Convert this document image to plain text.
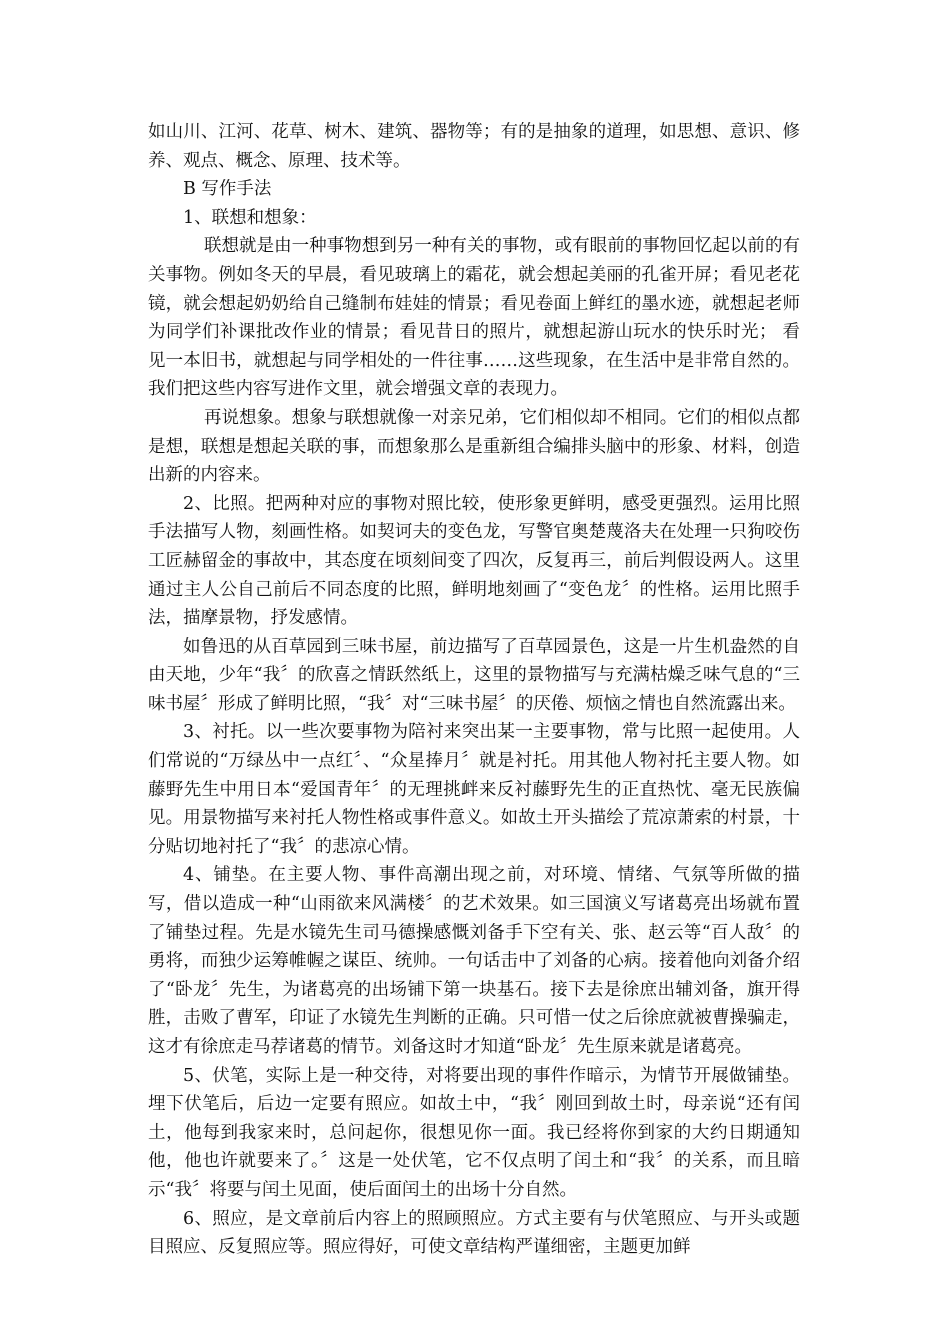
如山川、江河、花草、树木、建筑、器物等；有的是抽象的道理，如思想、意识、修养、观点、概念、原理、技术等。

B 写作手法

1、联想和想象：

联想就是由一种事物想到另一种有关的事物，或有眼前的事物回忆起以前的有关事物。例如冬天的早晨，看见玻璃上的霜花，就会想起美丽的孔雀开屏；看见老花 镜，就会想起奶奶给自己缝制布娃娃的情景；看见卷面上鲜红的墨水迹，就想起老师为同学们补课批改作业的情景；看见昔日的照片，就想起游山玩水的快乐时光； 看见一本旧书，就想起与同学相处的一件往事……这些现象，在生活中是非常自然的。我们把这些内容写进作文里，就会增强文章的表现力。

再说想象。想象与联想就像一对亲兄弟，它们相似却不相同。它们的相似点都是想，联想是想起关联的事，而想象那么是重新组合编排头脑中的形象、材料，创造出新的内容来。

2、比照。把两种对应的事物对照比较，使形象更鲜明，感受更强烈。运用比照手法描写人物，刻画性格。如契诃夫的变色龙，写警官奥楚蔑洛夫在处理一只狗咬伤工匠赫留金的事故中，其态度在顷刻间变了四次，反复再三，前后判假设两人。这里通过主人公自己前后不同态度的比照，鲜明地刻画了“变色龙〞的性格。运用比照手法，描摩景物，抒发感情。

如鲁迅的从百草园到三味书屋，前边描写了百草园景色，这是一片生机盎然的自由天地，少年“我〞的欣喜之情跃然纸上，这里的景物描写与充满枯燥乏味气息的“三味书屋〞形成了鲜明比照，“我〞对“三味书屋〞的厌倦、烦恼之情也自然流露出来。

3、衬托。以一些次要事物为陪衬来突出某一主要事物，常与比照一起使用。人们常说的“万绿丛中一点红〞、“众星捧月〞就是衬托。用其他人物衬托主要人物。如藤野先生中用日本“爱国青年〞的无理挑衅来反衬藤野先生的正直热忱、毫无民族偏见。用景物描写来衬托人物性格或事件意义。如故土开头描绘了荒凉萧索的村景，十分贴切地衬托了“我〞的悲凉心情。

4、铺垫。在主要人物、事件高潮出现之前，对环境、情绪、气氛等所做的描写，借以造成一种“山雨欲来风满楼〞的艺术效果。如三国演义写诸葛亮出场就布置了铺垫过程。先是水镜先生司马德操感慨刘备手下空有关、张、赵云等“百人敌〞的勇将，而独少运筹帷幄之谋臣、统帅。一句话击中了刘备的心病。接着他向刘备介绍了“卧龙〞先生，为诸葛亮的出场铺下第一块基石。接下去是徐庶出辅刘备，旗开得胜，击败了曹军，印证了水镜先生判断的正确。只可惜一仗之后徐庶就被曹操骗走，这才有徐庶走马荐诸葛的情节。刘备这时才知道“卧龙〞先生原来就是诸葛亮。

5、伏笔，实际上是一种交待，对将要出现的事件作暗示，为情节开展做铺垫。埋下伏笔后，后边一定要有照应。如故土中，“我〞刚回到故土时，母亲说“还有闰土，他每到我家来时，总问起你，很想见你一面。我已经将你到家的大约日期通知他，他也许就要来了。〞这是一处伏笔，它不仅点明了闰土和“我〞的关系，而且暗示“我〞将要与闰土见面，使后面闰土的出场十分自然。

6、照应，是文章前后内容上的照顾照应。方式主要有与伏笔照应、与开头或题目照应、反复照应等。照应得好，可使文章结构严谨细密，主题更加鲜
